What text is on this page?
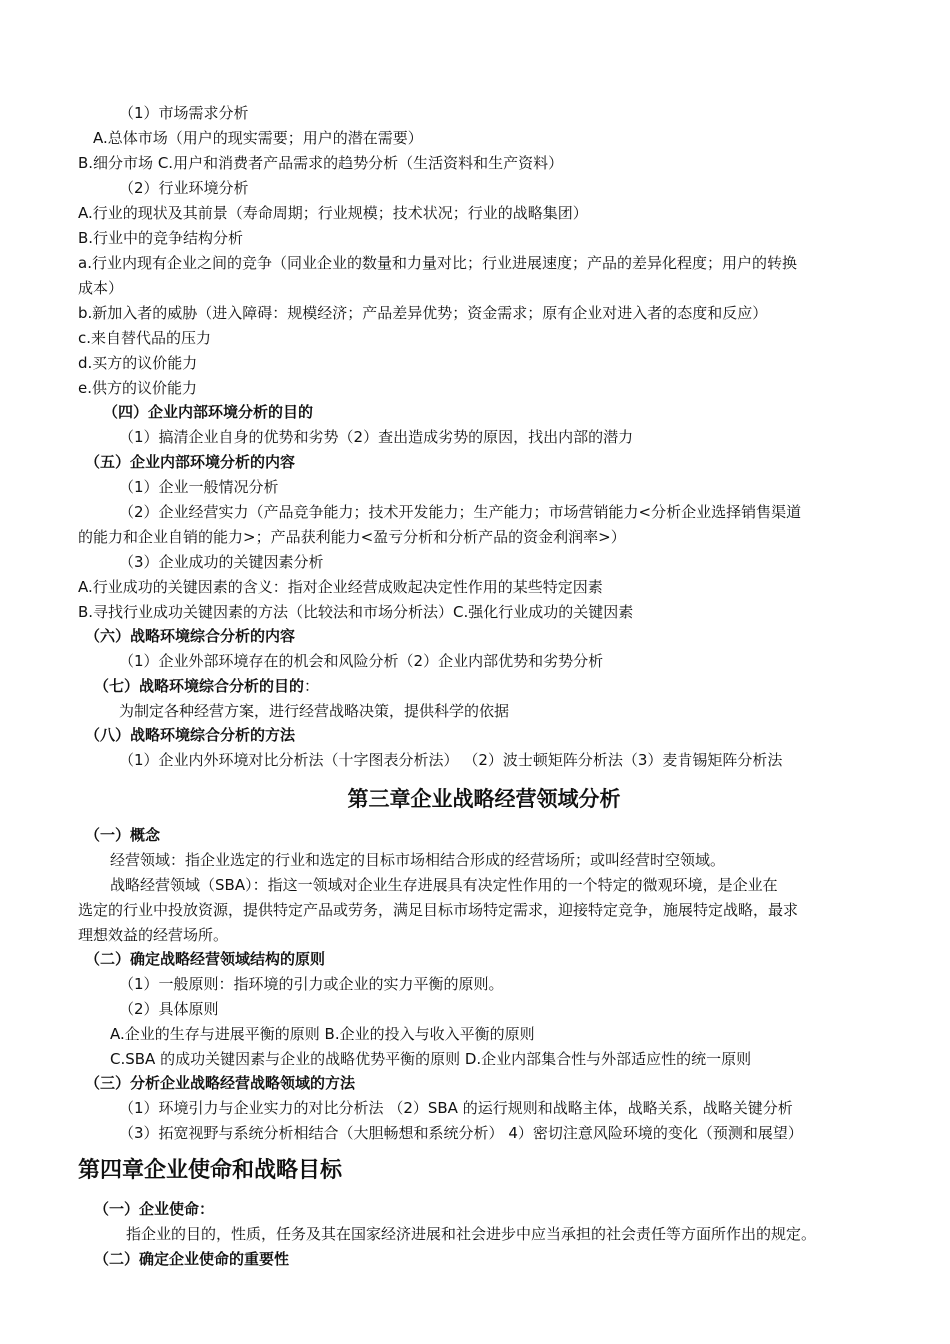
（1）市场需求分析
A.总体市场（用户的现实需要；用户的潜在需要）
B.细分市场 C.用户和消费者产品需求的趋势分析（生活资料和生产资料）
（2）行业环境分析
A.行业的现状及其前景（寿命周期；行业规模；技术状况；行业的战略集团）
B.行业中的竞争结构分析
a.行业内现有企业之间的竞争（同业企业的数量和力量对比；行业进展速度；产品的差异化程度；用户的转换
成本）
b.新加入者的威胁（进入障碍：规模经济；产品差异优势；资金需求；原有企业对进入者的态度和反应）
c.来自替代品的压力
d.买方的议价能力
e.供方的议价能力
（四）企业内部环境分析的目的
（1）搞清企业自身的优势和劣势（2）查出造成劣势的原因，找出内部的潜力
（五）企业内部环境分析的内容
（1）企业一般情况分析
（2）企业经营实力（产品竞争能力；技术开发能力；生产能力；市场营销能力<分析企业选择销售渠道
的能力和企业自销的能力>；产品获利能力<盈亏分析和分析产品的资金利润率>）
（3）企业成功的关键因素分析
A.行业成功的关键因素的含义：指对企业经营成败起决定性作用的某些特定因素
B.寻找行业成功关键因素的方法（比较法和市场分析法）C.强化行业成功的关键因素
（六）战略环境综合分析的内容
（1）企业外部环境存在的机会和风险分析（2）企业内部优势和劣势分析
（七）战略环境综合分析的目的：
为制定各种经营方案，进行经营战略决策，提供科学的依据
（八）战略环境综合分析的方法
（1）企业内外环境对比分析法（十字图表分析法） （2）波士顿矩阵分析法（3）麦肯锡矩阵分析法
第三章企业战略经营领域分析
（一）概念
经营领域：指企业选定的行业和选定的目标市场相结合形成的经营场所；或叫经营时空领域。
战略经营领域（SBA）：指这一领域对企业生存进展具有决定性作用的一个特定的微观环境，是企业在
选定的行业中投放资源，提供特定产品或劳务，满足目标市场特定需求，迎接特定竞争，施展特定战略，最求
理想效益的经营场所。
（二）确定战略经营领域结构的原则
（1）一般原则：指环境的引力或企业的实力平衡的原则。
（2）具体原则
A.企业的生存与进展平衡的原则 B.企业的投入与收入平衡的原则
C.SBA 的成功关键因素与企业的战略优势平衡的原则 D.企业内部集合性与外部适应性的统一原则
（三）分析企业战略经营战略领域的方法
（1）环境引力与企业实力的对比分析法 （2）SBA 的运行规则和战略主体，战略关系，战略关键分析
（3）拓宽视野与系统分析相结合（大胆畅想和系统分析） 4）密切注意风险环境的变化（预测和展望）
第四章企业使命和战略目标
（一）企业使命：
指企业的目的，性质，任务及其在国家经济进展和社会进步中应当承担的社会责任等方面所作出的规定。
（二）确定企业使命的重要性
